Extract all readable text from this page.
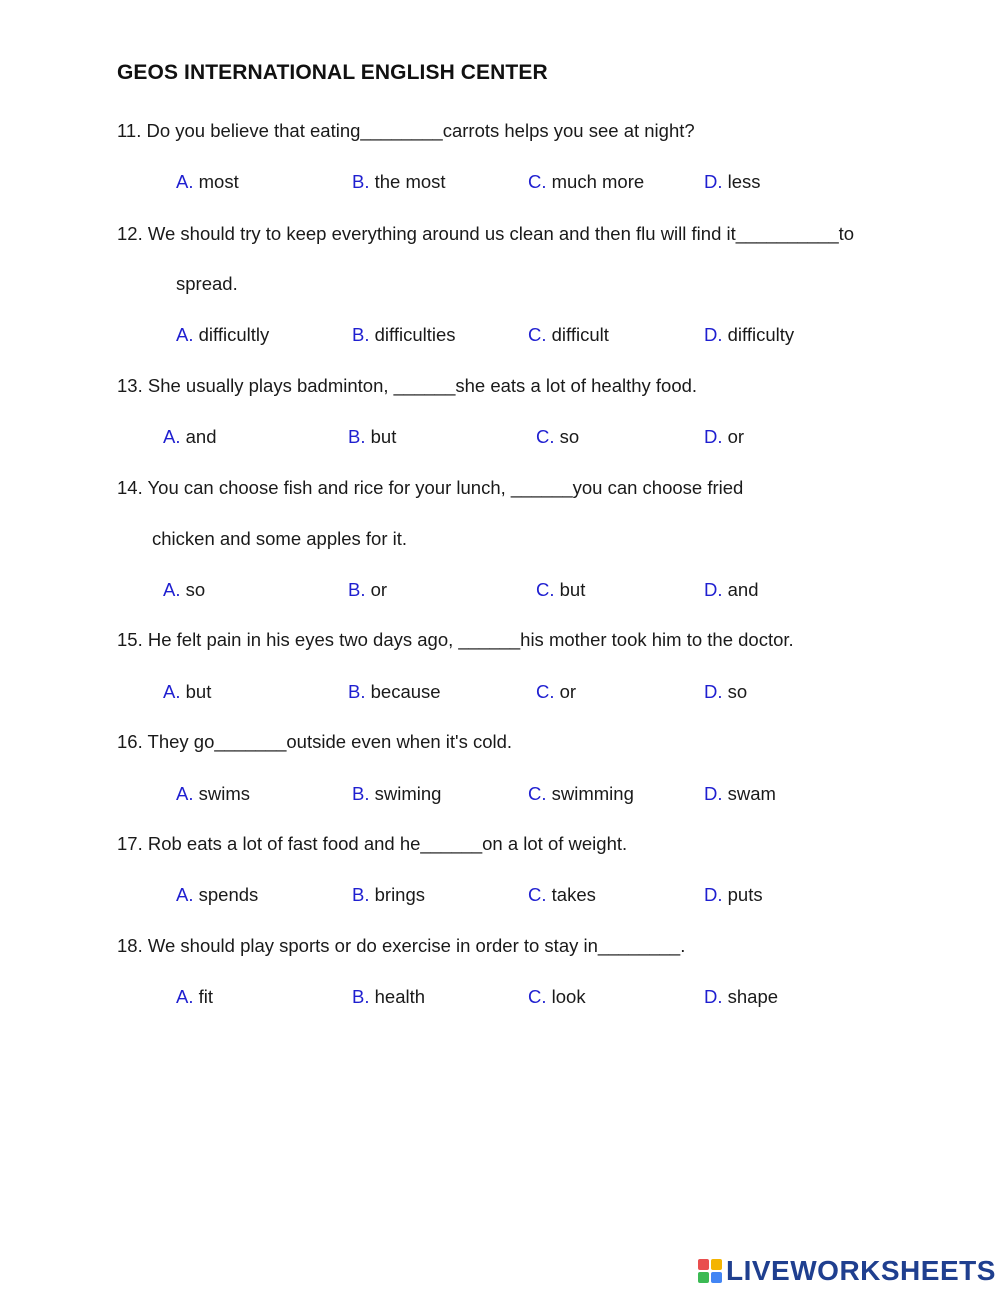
GEOS INTERNATIONAL ENGLISH CENTER
11. Do you believe that eating________carrots helps you see at night?
A. most	B. the most	C. much more	D. less
12. We should try to keep everything around us clean and then flu will find it__________to
spread.
A. difficultly	B. difficulties	C. difficult	D. difficulty
13. She usually plays badminton, ______she eats a lot of healthy food.
A. and	B. but	C. so	D. or
14. You can choose fish and rice for your lunch, ______you can choose fried
chicken and some apples for it.
A. so	B. or	C. but	D. and
15. He felt pain in his eyes two days ago, ______his mother took him to the doctor.
A. but	B. because	C. or	D. so
16. They go_______outside even when it's cold.
A. swims	B. swiming	C. swimming	D. swam
17. Rob eats a lot of fast food and he______on a lot of weight.
A. spends	B. brings	C. takes	D. puts
18. We should play sports or do exercise in order to stay in________.
A. fit	B. health	C. look	D. shape
LIVEWORKSHEETS
